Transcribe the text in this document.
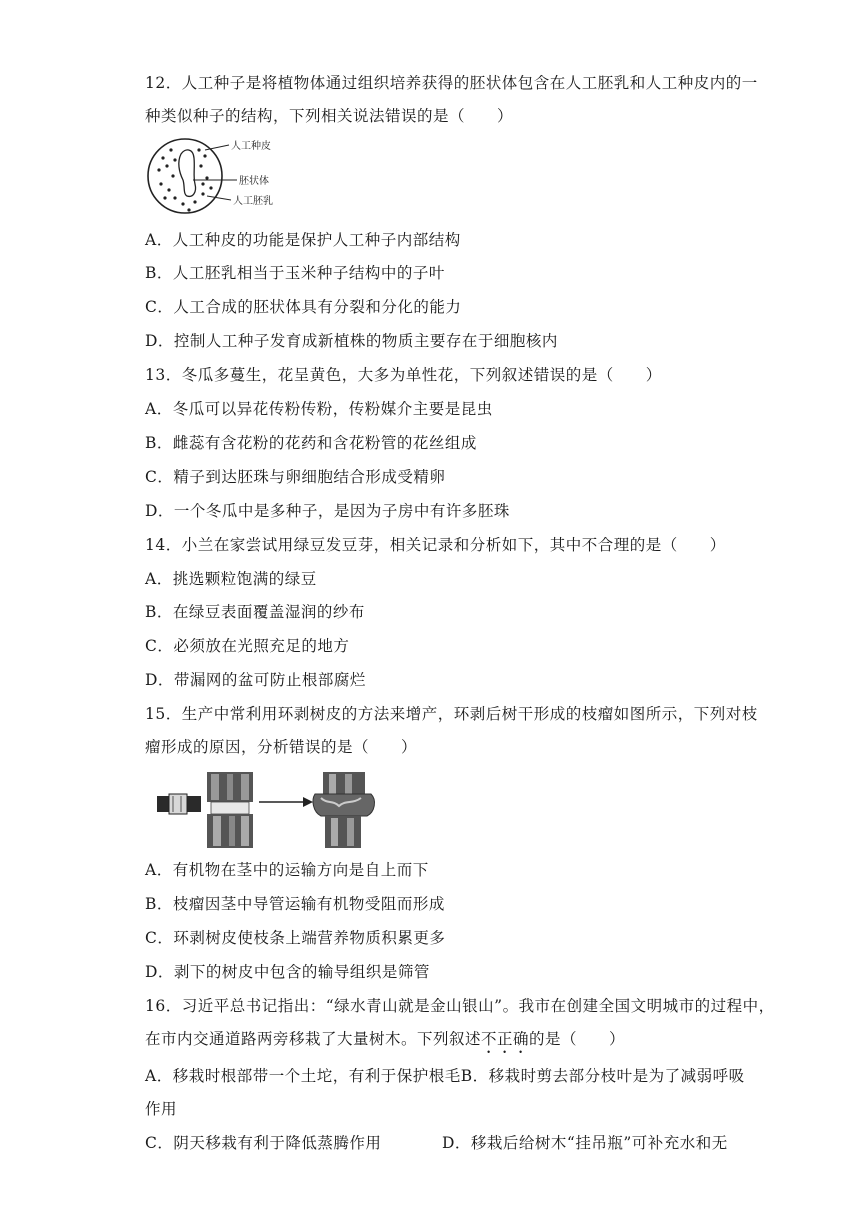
12．人工种子是将植物体通过组织培养获得的胚状体包含在人工胚乳和人工种皮内的一
种类似种子的结构，下列相关说法错误的是（　　）
人工种皮
胚状体
人工胚乳
A．人工种皮的功能是保护人工种子内部结构
B．人工胚乳相当于玉米种子结构中的子叶
C．人工合成的胚状体具有分裂和分化的能力
D．控制人工种子发育成新植株的物质主要存在于细胞核内
13．冬瓜多蔓生，花呈黄色，大多为单性花，下列叙述错误的是（　　）
A．冬瓜可以异花传粉传粉，传粉媒介主要是昆虫
B．雌蕊有含花粉的花药和含花粉管的花丝组成
C．精子到达胚珠与卵细胞结合形成受精卵
D．一个冬瓜中是多种子，是因为子房中有许多胚珠
14．小兰在家尝试用绿豆发豆芽，相关记录和分析如下，其中不合理的是（　　）
A．挑选颗粒饱满的绿豆
B．在绿豆表面覆盖湿润的纱布
C．必须放在光照充足的地方
D．带漏网的盆可防止根部腐烂
15．生产中常利用环剥树皮的方法来增产，环剥后树干形成的枝瘤如图所示，下列对枝
瘤形成的原因，分析错误的是（　　）
A．有机物在茎中的运输方向是自上而下
B．枝瘤因茎中导管运输有机物受阻而形成
C．环剥树皮使枝条上端营养物质积累更多
D．剥下的树皮中包含的输导组织是筛管
16．习近平总书记指出：“绿水青山就是金山银山”。我市在创建全国文明城市的过程中，
在市内交通道路两旁移栽了大量树木。下列叙述不正确的是（　　）
A．移栽时根部带一个土坨，有利于保护根毛B．移栽时剪去部分枝叶是为了减弱呼吸
作用
C．阴天移栽有利于降低蒸腾作用	D．移栽后给树木“挂吊瓶”可补充水和无
